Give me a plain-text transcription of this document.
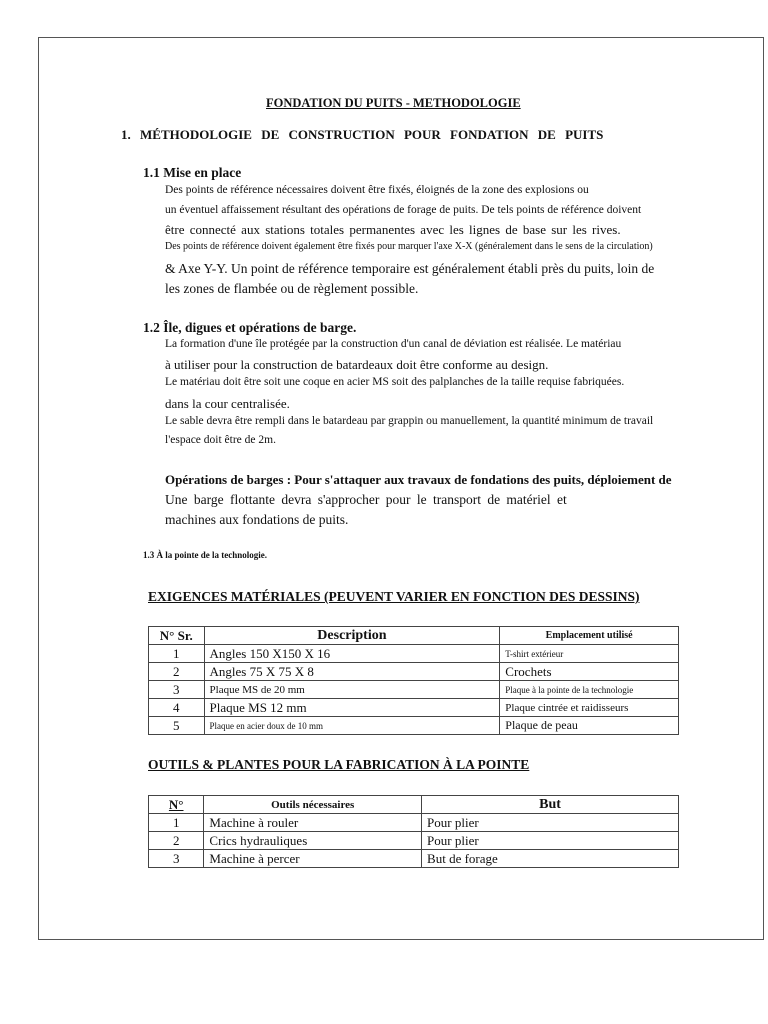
FONDATION DU PUITS - METHODOLOGIE
1. MÉTHODOLOGIE DE CONSTRUCTION POUR FONDATION DE PUITS
1.1 Mise en place
Des points de référence nécessaires doivent être fixés, éloignés de la zone des explosions ou
un éventuel affaissement résultant des opérations de forage de puits. De tels points de référence doivent
être connecté aux stations totales permanentes avec les lignes de base sur les rives.
Des points de référence doivent également être fixés pour marquer l'axe X-X (généralement dans le sens de la circulation)
& Axe Y-Y. Un point de référence temporaire est généralement établi près du puits, loin de
les zones de flambée ou de règlement possible.
1.2 Île, digues et opérations de barge.
La formation d'une île protégée par la construction d'un canal de déviation est réalisée. Le matériau
à utiliser pour la construction de batardeaux doit être conforme au design.
Le matériau doit être soit une coque en acier MS soit des palplanches de la taille requise fabriquées.
dans la cour centralisée.
Le sable devra être rempli dans le batardeau par grappin ou manuellement, la quantité minimum de travail
l'espace doit être de 2m.
Opérations de barges : Pour s'attaquer aux travaux de fondations des puits, déploiement de
Une barge flottante devra s'approcher pour le transport de matériel et
machines aux fondations de puits.
1.3 À la pointe de la technologie.
EXIGENCES MATÉRIALES (PEUVENT VARIER EN FONCTION DES DESSINS)
N° Sr.	Description	Emplacement utilisé
1	Angles 150 X150 X 16	T-shirt extérieur
2	Angles 75 X 75 X 8	Crochets
3	Plaque MS de 20 mm	Plaque à la pointe de la technologie
4	Plaque MS 12 mm	Plaque cintrée et raidisseurs
5	Plaque en acier doux de 10 mm	Plaque de peau
OUTILS & PLANTES POUR LA FABRICATION À LA POINTE
N°	Outils nécessaires	But
1	Machine à rouler	Pour plier
2	Crics hydrauliques	Pour plier
3	Machine à percer	But de forage
